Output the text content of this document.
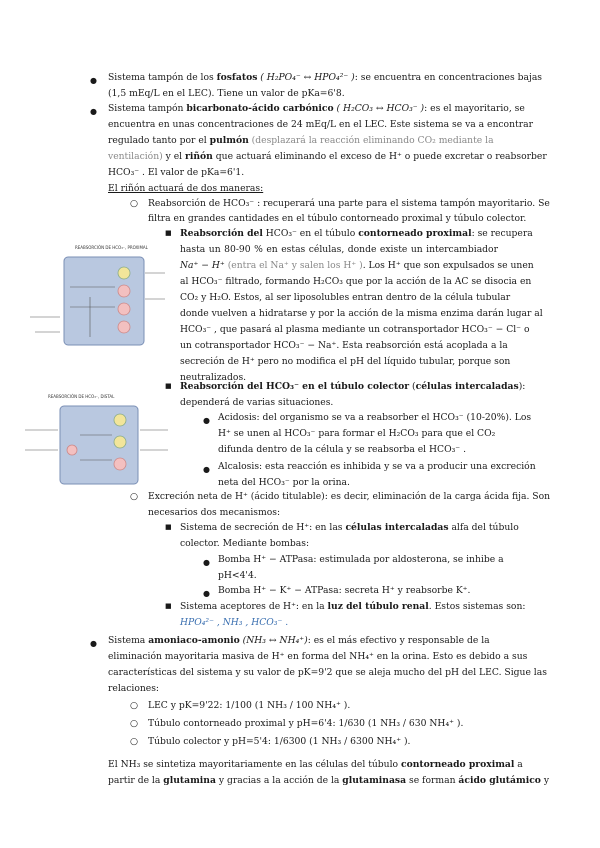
● Sistema tampón de los fosfatos ( H₂PO₄⁻ ↔ HPO₄²⁻ ): se encuentra en concentraciones bajas
(1,5 mEq/L en el LEC). Tiene un valor de pKa=6'8.
● Sistema tampón bicarbonato-ácido carbónico ( H₂CO₃ ↔ HCO₃⁻ ): es el mayoritario, se
encuentra en unas concentraciones de 24 mEq/L en el LEC. Este sistema se va a encontrar
regulado tanto por el pulmón (desplazará la reacción eliminando CO₂ mediante la
ventilación) y el riñón que actuará eliminando el exceso de H⁺ o puede excretar o reabsorber
HCO₃⁻ . El valor de pKa=6'1.
El riñón actuará de dos maneras:
○ Reabsorción de HCO₃⁻ : recuperará una parte para el sistema tampón mayoritario. Se
filtra en grandes cantidades en el túbulo contorneado proximal y túbulo colector.
REABSORCIÓN DE HCO₃⁻, PROXIMAL
■ Reabsorción del HCO₃⁻ en el túbulo contorneado proximal: se recupera
hasta un 80-90 % en estas células, donde existe un intercambiador
Na⁺ − H⁺ (entra el Na⁺ y salen los H⁺ ). Los H⁺ que son expulsados se unen
al HCO₃⁻ filtrado, formando H₂CO₃ que por la acción de la AC se disocia en
CO₂ y H₂O. Estos, al ser liposolubles entran dentro de la célula tubular
donde vuelven a hidratarse y por la acción de la misma enzima darán lugar al
HCO₃⁻ , que pasará al plasma mediante un cotransportador HCO₃⁻ − Cl⁻ o
un cotransportador HCO₃⁻ − Na⁺. Esta reabsorción está acoplada a la
secreción de H⁺ pero no modifica el pH del líquido tubular, porque son
neutralizados.
REABSORCIÓN DE HCO₃⁻, DISTAL
■ Reabsorción del HCO₃⁻ en el túbulo colector (células intercaladas):
dependerá de varias situaciones.
● Acidosis: del organismo se va a reabsorber el HCO₃⁻ (10-20%). Los
H⁺ se unen al HCO₃⁻ para formar el H₂CO₃ para que el CO₂
difunda dentro de la célula y se reabsorba el HCO₃⁻ .
● Alcalosis: esta reacción es inhibida y se va a producir una excreción
neta del HCO₃⁻ por la orina.
○ Excreción neta de H⁺ (ácido titulable): es decir, eliminación de la carga ácida fija. Son
necesarios dos mecanismos:
■ Sistema de secreción de H⁺: en las células intercaladas alfa del túbulo
colector. Mediante bombas:
● Bomba H⁺ − ATPasa: estimulada por aldosterona, se inhibe a
pH<4'4.
● Bomba H⁺ − K⁺ − ATPasa: secreta H⁺ y reabsorbe K⁺.
■ Sistema aceptores de H⁺: en la luz del túbulo renal. Estos sistemas son:
HPO₄²⁻ , NH₃ , HCO₃⁻ .
● Sistema amoniaco-amonio (NH₃ ↔ NH₄⁺): es el más efectivo y responsable de la
eliminación mayoritaria masiva de H⁺ en forma del NH₄⁺ en la orina. Esto es debido a sus
características del sistema y su valor de pK=9'2 que se aleja mucho del pH del LEC. Sigue las
relaciones:
○ LEC y pK=9'22: 1/100 (1 NH₃ / 100 NH₄⁺ ).
○ Túbulo contorneado proximal y pH=6'4: 1/630 (1 NH₃ / 630 NH₄⁺ ).
○ Túbulo colector y pH=5'4: 1/6300 (1 NH₃ / 6300 NH₄⁺ ).
El NH₃ se sintetiza mayoritariamente en las células del túbulo contorneado proximal a
partir de la glutamina y gracias a la acción de la glutaminasa se forman ácido glutámico y
